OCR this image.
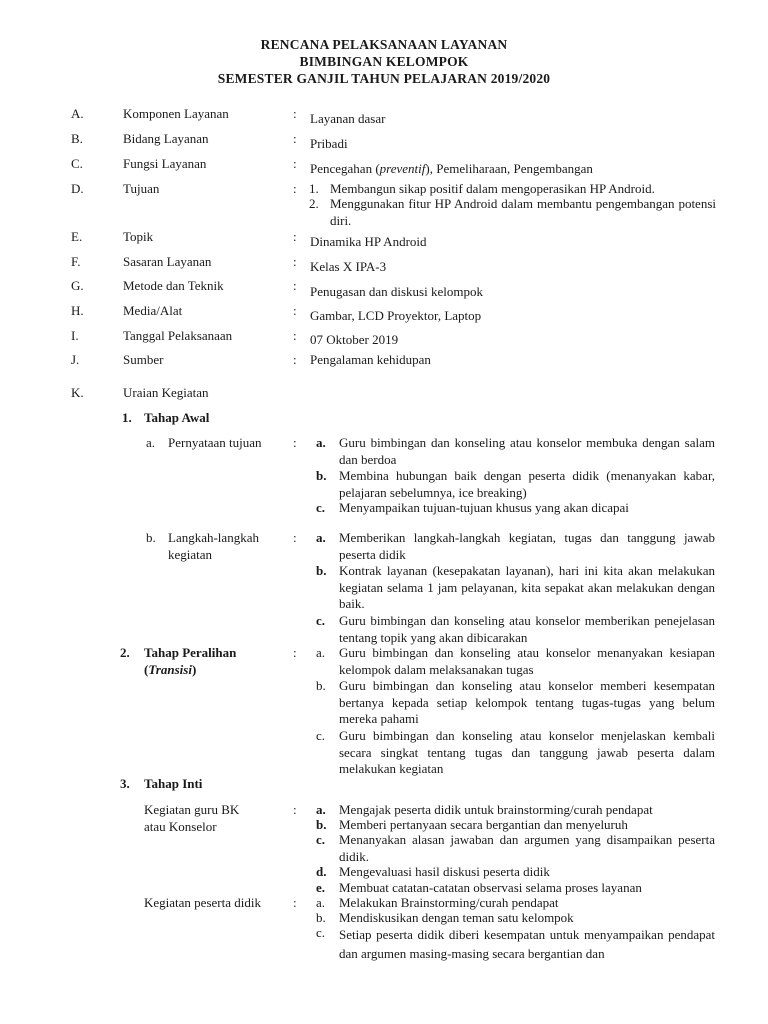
RENCANA PELAKSANAAN LAYANAN
BIMBINGAN KELOMPOK
SEMESTER GANJIL TAHUN PELAJARAN 2019/2020
A.	Komponen Layanan	: Layanan dasar
B.	Bidang Layanan	: Pribadi
C.	Fungsi Layanan	: Pencegahan (preventif), Pemeliharaan, Pengembangan
D.	Tujuan	: 1. Membangun sikap positif dalam mengoperasikan HP Android.
2. Menggunakan fitur HP Android dalam membantu pengembangan potensi diri.
E.	Topik	: Dinamika HP Android
F.	Sasaran Layanan	: Kelas X IPA-3
G.	Metode dan Teknik	: Penugasan dan diskusi kelompok
H.	Media/Alat	: Gambar, LCD Proyektor, Laptop
I.	Tanggal Pelaksanaan	: 07 Oktober 2019
J.	Sumber	: Pengalaman kehidupan
K.	Uraian Kegiatan
1. Tahap Awal
a. Pernyataan tujuan : a. Guru bimbingan dan konseling atau konselor membuka dengan salam dan berdoa
b. Membina hubungan baik dengan peserta didik (menanyakan kabar, pelajaran sebelumnya, ice breaking)
c. Menyampaikan tujuan-tujuan khusus yang akan dicapai
b. Langkah-langkah kegiatan
: a. Memberikan langkah-langkah kegiatan, tugas dan tanggung jawab peserta didik
b. Kontrak layanan (kesepakatan layanan), hari ini kita akan melakukan kegiatan selama 1 jam pelayanan, kita sepakat akan melakukan dengan baik.
c. Guru bimbingan dan konseling atau konselor memberikan penejelasan tentang topik yang akan dibicarakan
2. Tahap Peralihan
(Transisi)
: a. Guru bimbingan dan konseling atau konselor menanyakan kesiapan kelompok dalam melaksanakan tugas
b. Guru bimbingan dan konseling atau konselor memberi kesempatan bertanya kepada setiap kelompok tentang tugas-tugas yang belum mereka pahami
c. Guru bimbingan dan konseling atau konselor menjelaskan kembali secara singkat tentang tugas dan tanggung jawab peserta dalam melakukan kegiatan
3. Tahap Inti
Kegiatan guru BK atau Konselor
: a. Mengajak peserta didik untuk brainstorming/curah pendapat
b. Memberi pertanyaan secara bergantian dan menyeluruh
c. Menanyakan alasan jawaban dan argumen yang disampaikan peserta didik.
d. Mengevaluasi hasil diskusi peserta didik
e. Membuat catatan-catatan observasi selama proses layanan
Kegiatan peserta didik : a. Melakukan Brainstorming/curah pendapat
b. Mendiskusikan dengan teman satu kelompok
c. Setiap peserta didik diberi kesempatan untuk menyampaikan pendapat dan argumen masing-masing secara bergantian dan
